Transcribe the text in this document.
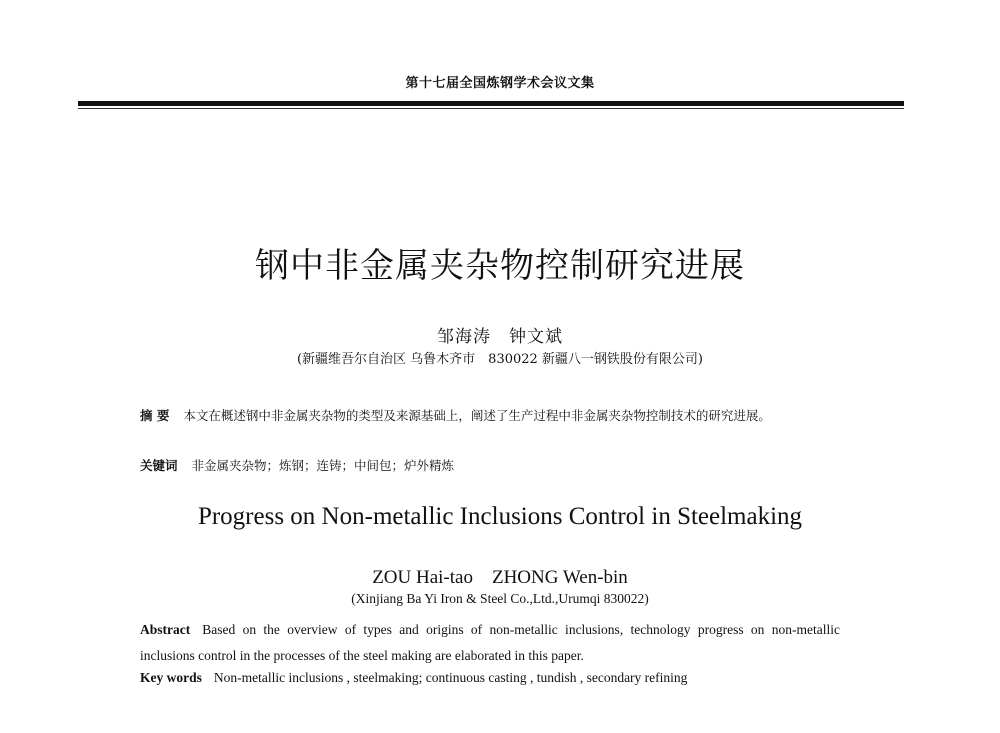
第十七届全国炼钢学术会议文集
钢中非金属夹杂物控制研究进展
邹海涛　钟文斌
(新疆维吾尔自治区 乌鲁木齐市　830022 新疆八一钢铁股份有限公司)
摘 要 本文在概述钢中非金属夹杂物的类型及来源基础上，阐述了生产过程中非金属夹杂物控制技术的研究进展。
关键词 非金属夹杂物；炼钢；连铸；中间包；炉外精炼
Progress on Non-metallic Inclusions Control in Steelmaking
ZOU Hai-tao　ZHONG Wen-bin
(Xinjiang Ba Yi Iron & Steel Co.,Ltd.,Urumqi 830022)
Abstract Based on the overview of types and origins of non-metallic inclusions, technology progress on non-metallic inclusions control in the processes of the steel making are elaborated in this paper.
Key words Non-metallic inclusions , steelmaking; continuous casting , tundish , secondary refining
